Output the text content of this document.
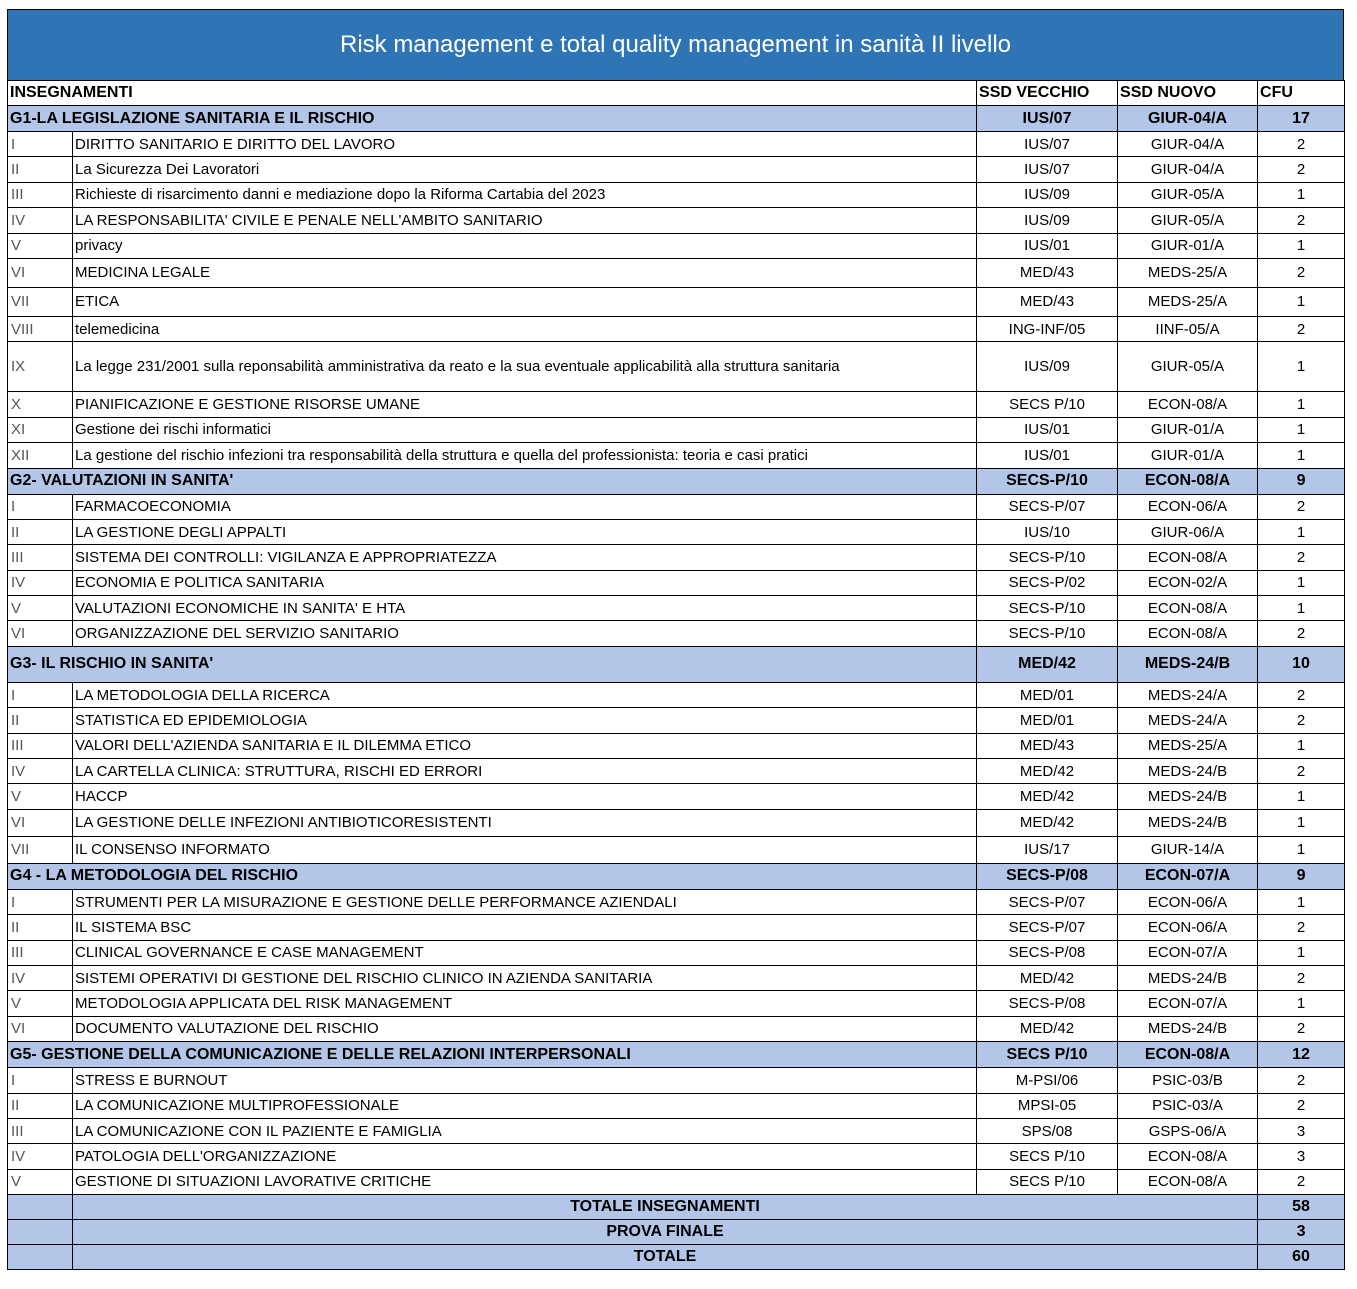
Risk management e total quality management in sanità II livello
INSEGNAMENTI		SSD VECCHIO	SSD NUOVO	CFU
G1-LA LEGISLAZIONE SANITARIA E IL RISCHIO		IUS/07	GIUR-04/A	17
I	DIRITTO SANITARIO E DIRITTO DEL LAVORO	IUS/07	GIUR-04/A	2
II	La Sicurezza Dei Lavoratori	IUS/07	GIUR-04/A	2
III	Richieste di risarcimento danni e mediazione dopo la Riforma Cartabia del 2023	IUS/09	GIUR-05/A	1
IV	LA RESPONSABILITA' CIVILE E PENALE NELL'AMBITO SANITARIO	IUS/09	GIUR-05/A	2
V	privacy	IUS/01	GIUR-01/A	1
VI	MEDICINA LEGALE	MED/43	MEDS-25/A	2
VII	ETICA	MED/43	MEDS-25/A	1
VIII	telemedicina	ING-INF/05	IINF-05/A	2
IX	La legge 231/2001 sulla reponsabilità amministrativa da reato e la sua eventuale applicabilità alla struttura sanitaria	IUS/09	GIUR-05/A	1
X	PIANIFICAZIONE E GESTIONE RISORSE UMANE	SECS P/10	ECON-08/A	1
XI	Gestione dei rischi informatici	IUS/01	GIUR-01/A	1
XII	La gestione del rischio infezioni tra responsabilità della struttura e quella del professionista: teoria e casi pratici	IUS/01	GIUR-01/A	1
G2- VALUTAZIONI IN SANITA'		SECS-P/10	ECON-08/A	9
I	FARMACOECONOMIA	SECS-P/07	ECON-06/A	2
II	LA GESTIONE DEGLI APPALTI	IUS/10	GIUR-06/A	1
III	SISTEMA DEI CONTROLLI: VIGILANZA E APPROPRIATEZZA	SECS-P/10	ECON-08/A	2
IV	ECONOMIA E POLITICA SANITARIA	SECS-P/02	ECON-02/A	1
V	VALUTAZIONI ECONOMICHE IN SANITA' E HTA	SECS-P/10	ECON-08/A	1
VI	ORGANIZZAZIONE DEL SERVIZIO SANITARIO	SECS-P/10	ECON-08/A	2
G3- IL RISCHIO IN SANITA'		MED/42	MEDS-24/B	10
I	LA METODOLOGIA DELLA RICERCA	MED/01	MEDS-24/A	2
II	STATISTICA ED EPIDEMIOLOGIA	MED/01	MEDS-24/A	2
III	VALORI DELL'AZIENDA SANITARIA E IL DILEMMA ETICO	MED/43	MEDS-25/A	1
IV	LA CARTELLA CLINICA: STRUTTURA, RISCHI ED ERRORI	MED/42	MEDS-24/B	2
V	HACCP	MED/42	MEDS-24/B	1
VI	LA GESTIONE DELLE INFEZIONI ANTIBIOTICORESISTENTI	MED/42	MEDS-24/B	1
VII	IL CONSENSO INFORMATO	IUS/17	GIUR-14/A	1
G4 - LA METODOLOGIA DEL RISCHIO		SECS-P/08	ECON-07/A	9
I	STRUMENTI PER LA MISURAZIONE E GESTIONE DELLE PERFORMANCE AZIENDALI	SECS-P/07	ECON-06/A	1
II	IL SISTEMA BSC	SECS-P/07	ECON-06/A	2
III	CLINICAL GOVERNANCE E CASE MANAGEMENT	SECS-P/08	ECON-07/A	1
IV	SISTEMI OPERATIVI DI GESTIONE DEL RISCHIO CLINICO IN AZIENDA SANITARIA	MED/42	MEDS-24/B	2
V	METODOLOGIA APPLICATA DEL RISK MANAGEMENT	SECS-P/08	ECON-07/A	1
VI	DOCUMENTO VALUTAZIONE DEL RISCHIO	MED/42	MEDS-24/B	2
G5- GESTIONE DELLA COMUNICAZIONE E DELLE RELAZIONI INTERPERSONALI		SECS P/10	ECON-08/A	12
I	STRESS E BURNOUT	M-PSI/06	PSIC-03/B	2
II	LA COMUNICAZIONE MULTIPROFESSIONALE	MPSI-05	PSIC-03/A	2
III	LA COMUNICAZIONE CON IL PAZIENTE E FAMIGLIA	SPS/08	GSPS-06/A	3
IV	PATOLOGIA DELL'ORGANIZZAZIONE	SECS P/10	ECON-08/A	3
V	GESTIONE DI SITUAZIONI LAVORATIVE CRITICHE	SECS P/10	ECON-08/A	2
	TOTALE INSEGNAMENTI			58
	PROVA FINALE			3
	TOTALE			60
